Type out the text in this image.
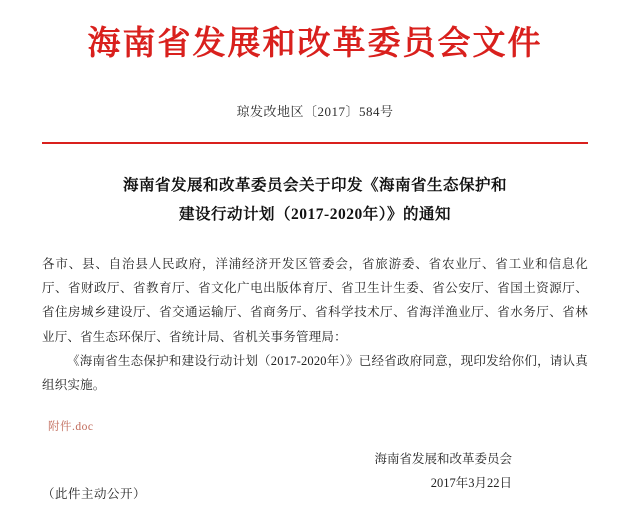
海南省发展和改革委员会文件
琼发改地区〔2017〕584号
海南省发展和改革委员会关于印发《海南省生态保护和
建设行动计划（2017-2020年）》的通知

各市、县、自治县人民政府，洋浦经济开发区管委会，省旅游委、省农业厅、省工业和信息化厅、省财政厅、省教育厅、省文化广电出版体育厅、省卫生计生委、省公安厅、省国土资源厅、省住房城乡建设厅、省交通运输厅、省商务厅、省科学技术厅、省海洋渔业厅、省水务厅、省林业厅、省生态环保厅、省统计局、省机关事务管理局：

《海南省生态保护和建设行动计划（2017-2020年）》已经省政府同意，现印发给你们，请认真组织实施。

附件.doc
海南省发展和改革委员会
2017年3月22日
（此件主动公开）
